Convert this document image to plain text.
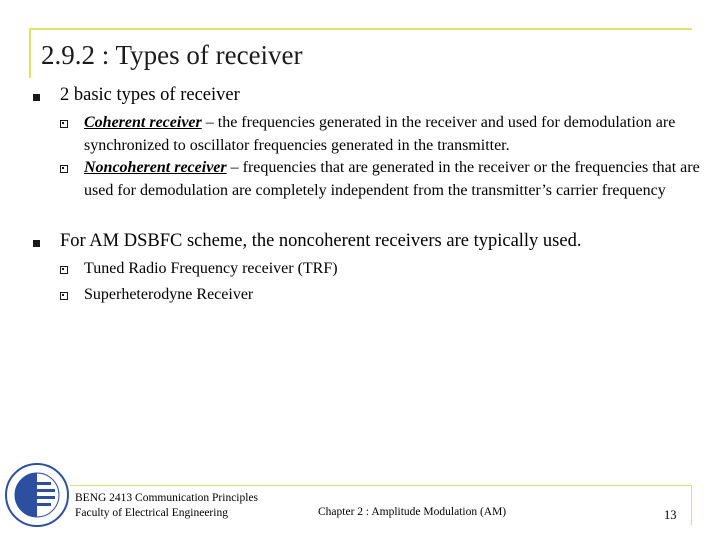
2.9.2 : Types of receiver
2 basic types of receiver
Coherent receiver – the frequencies generated in the receiver and used for demodulation are synchronized to oscillator frequencies generated in the transmitter.
Noncoherent receiver – frequencies that are generated in the receiver or the frequencies that are used for demodulation are completely independent from the transmitter’s carrier frequency
For AM DSBFC scheme, the noncoherent receivers are typically used.
Tuned Radio Frequency receiver (TRF)
Superheterodyne Receiver
BENG 2413 Communication Principles
Faculty of Electrical Engineering	Chapter 2 : Amplitude Modulation (AM)	13
